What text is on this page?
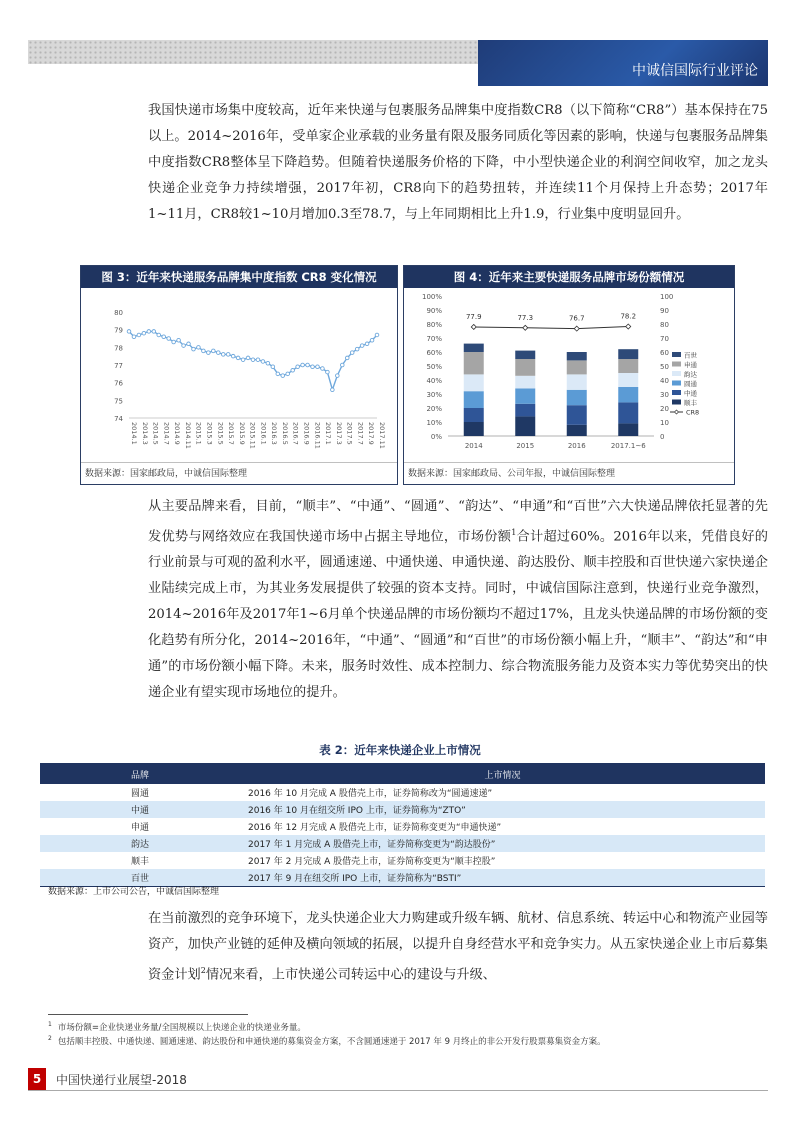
中诚信国际行业评论
我国快递市场集中度较高，近年来快递与包裹服务品牌集中度指数CR8（以下简称“CR8”）基本保持在75以上。2014~2016年，受单家企业承载的业务量有限及服务同质化等因素的影响，快递与包裹服务品牌集中度指数CR8整体呈下降趋势。但随着快递服务价格的下降，中小型快递企业的利润空间收窄，加之龙头快递企业竞争力持续增强，2017年初，CR8向下的趋势扭转，并连续11个月保持上升态势；2017年1~11月，CR8较1~10月增加0.3至78.7，与上年同期相比上升1.9，行业集中度明显回升。
图 3：近年来快递服务品牌集中度指数 CR8 变化情况
74
75
76
77
78
79
80
2014.1 2014.3 2014.5 2014.7 2014.9 2014.11 2015.1 2015.3 2015.5 2015.7 2015.9 2015.11 2016.1 2016.3 2016.5 2016.7 2016.9 2016.11 2017.1 2017.3 2017.5 2017.7 2017.9 2017.11
数据来源：国家邮政局，中诚信国际整理
图 4：近年来主要快递服务品牌市场份额情况
0%
10%
20%
30%
40%
50%
60%
70%
80%
90%
100%
0
10
20
30
40
50
60
70
80
90
100
2014	2015	2016	2017.1~6
77.9	77.3	76.7	78.2
百世
申通
韵达
圆通
中通
顺丰
CR8
数据来源：国家邮政局、公司年报，中诚信国际整理
从主要品牌来看，目前，“顺丰”、“中通”、“圆通”、“韵达”、“申通”和“百世”六大快递品牌依托显著的先发优势与网络效应在我国快递市场中占据主导地位，市场份额$^1$合计超过60%。2016年以来，凭借良好的行业前景与可观的盈利水平，圆通速递、中通快递、申通快递、韵达股份、顺丰控股和百世快递六家快递企业陆续完成上市，为其业务发展提供了较强的资本支持。同时，中诚信国际注意到，快递行业竞争激烈，2014~2016年及2017年1~6月单个快递品牌的市场份额均不超过17%，且龙头快递品牌的市场份额的变化趋势有所分化，2014~2016年，“中通”、“圆通”和“百世”的市场份额小幅上升，“顺丰”、“韵达”和“申通”的市场份额小幅下降。未来，服务时效性、成本控制力、综合物流服务能力及资本实力等优势突出的快递企业有望实现市场地位的提升。
表 2：近年来快递企业上市情况
品牌	上市情况
圆通	2016 年 10 月完成 A 股借壳上市，证券简称改为“圆通速递”
中通	2016 年 10 月在纽交所 IPO 上市，证券简称为“ZTO”
申通	2016 年 12 月完成 A 股借壳上市，证券简称变更为“申通快递”
韵达	2017 年 1 月完成 A 股借壳上市，证券简称变更为“韵达股份”
顺丰	2017 年 2 月完成 A 股借壳上市，证券简称变更为“顺丰控股”
百世	2017 年 9 月在纽交所 IPO 上市，证券简称为“BSTI”
数据来源：上市公司公告，中诚信国际整理
在当前激烈的竞争环境下，龙头快递企业大力购建或升级车辆、航材、信息系统、转运中心和物流产业园等资产，加快产业链的延伸及横向领域的拓展，以提升自身经营水平和竞争实力。从五家快递企业上市后募集资金计划$^2$情况来看，上市快递公司转运中心的建设与升级、
$^1$ 市场份额=企业快递业务量/全国规模以上快递企业的快递业务量。
$^2$ 包括顺丰控股、中通快递、圆通速递、韵达股份和申通快递的募集资金方案，不含圆通速递于 2017 年 9 月终止的非公开发行股票募集资金方案。
5	中国快递行业展望-2018
